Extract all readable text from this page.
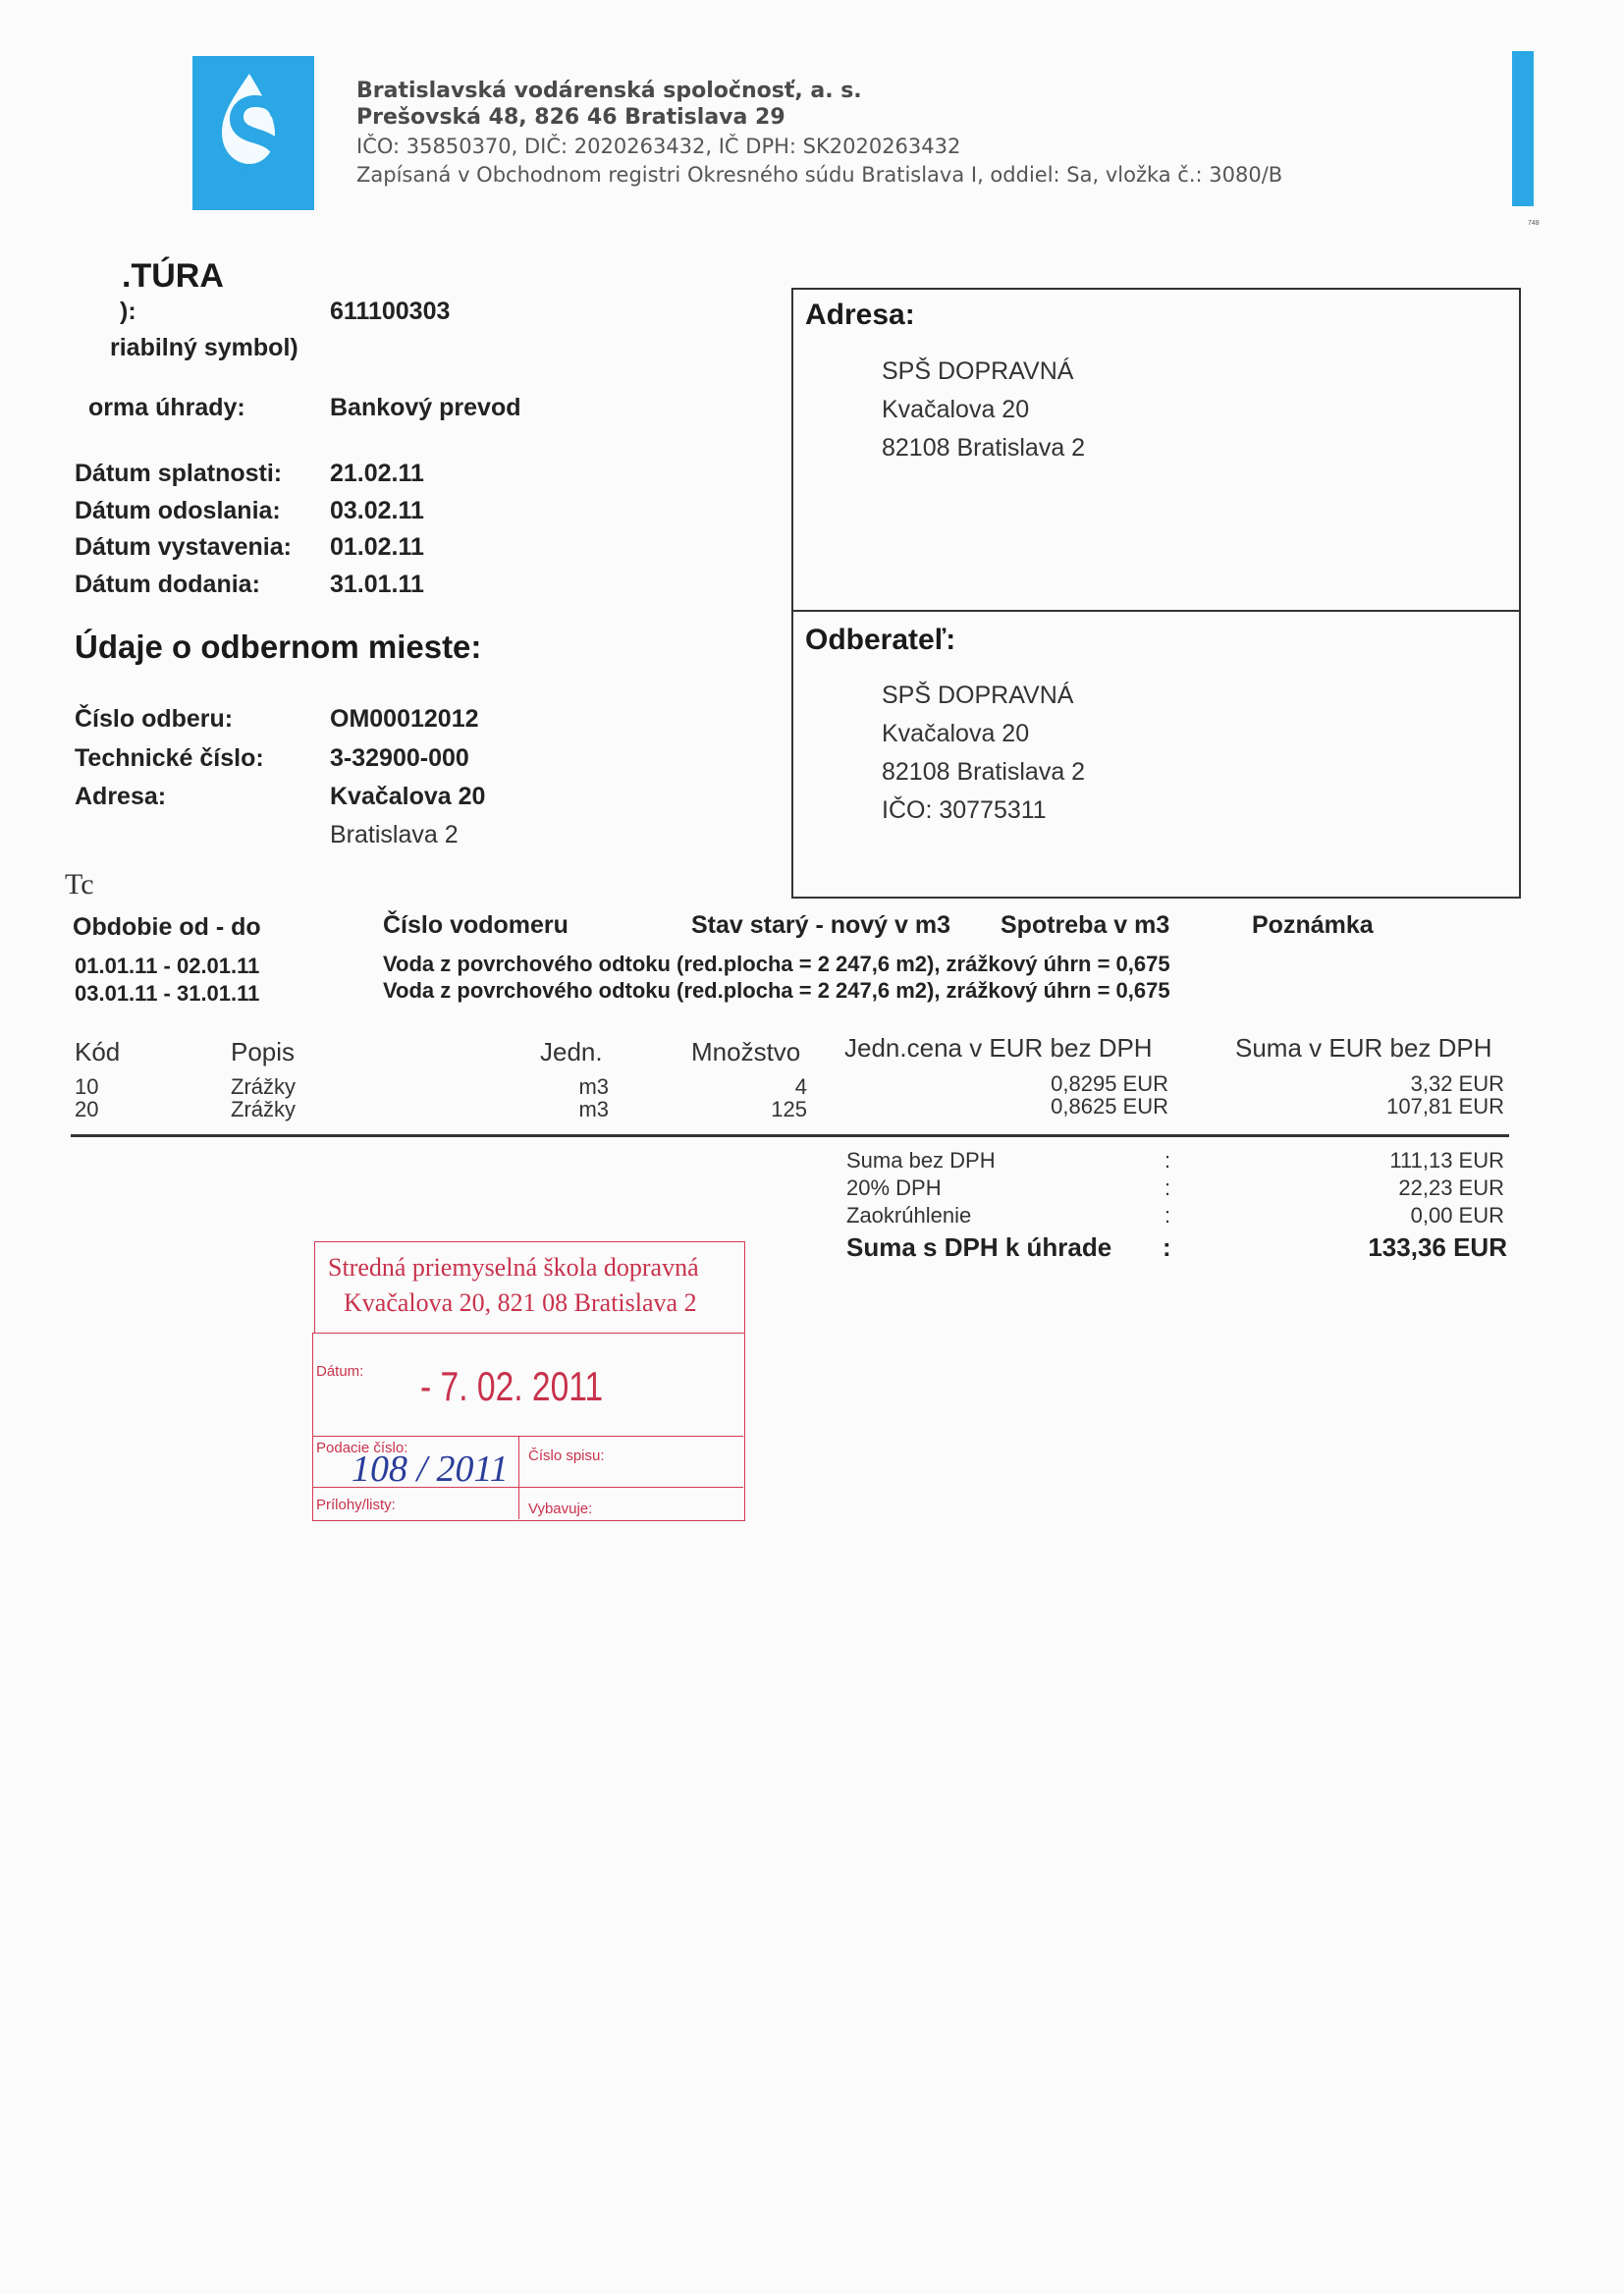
Bratislavská vodárenská spoločnosť, a. s.
Prešovská 48, 826 46 Bratislava 29
IČO: 35850370, DIČ: 2020263432, IČ DPH: SK2020263432
Zapísaná v Obchodnom registri Okresného súdu Bratislava I, oddiel: Sa, vložka č.: 3080/B
748
.TÚRA
):	611100303
riabilný symbol)
orma úhrady:	Bankový prevod
Dátum splatnosti: 21.02.11
Dátum odoslania: 03.02.11
Dátum vystavenia: 01.02.11
Dátum dodania:	31.01.11
Údaje o odbernom mieste:
Číslo odberu:	OM00012012
Technické číslo:	3-32900-000
Adresa:	Kvačalova 20
Bratislava 2
Tc
Adresa:
SPŠ DOPRAVNÁ
Kvačalova 20
82108 Bratislava 2
Odberateľ:
SPŠ DOPRAVNÁ
Kvačalova 20
82108 Bratislava 2
IČO: 30775311
Obdobie od - do	Číslo vodomeru	Stav starý - nový v m3 Spotreba v m3	Poznámka
01.01.11 - 02.01.11	Voda z povrchového odtoku (red.plocha = 2 247,6 m2), zrážkový úhrn = 0,675
03.01.11 - 31.01.11	Voda z povrchového odtoku (red.plocha = 2 247,6 m2), zrážkový úhrn = 0,675
Kód	Popis	Jedn.	Množstvo Jedn.cena v EUR bez DPH	Suma v EUR bez DPH
10	Zrážky	m3	4	0,8295 EUR	3,32 EUR
20	Zrážky	m3	125	0,8625 EUR	107,81 EUR
Suma bez DPH	:	111,13 EUR
20% DPH	:	22,23 EUR
Zaokrúhlenie	:	0,00 EUR
Suma s DPH k úhrade :	133,36 EUR
Stredná priemyselná škola dopravná
Kvačalova 20, 821 08 Bratislava 2
Dátum: - 7. 02. 2011
Podacie číslo:
108 / 2011 Číslo spisu:
Prílohy/listy:	Vybavuje:
